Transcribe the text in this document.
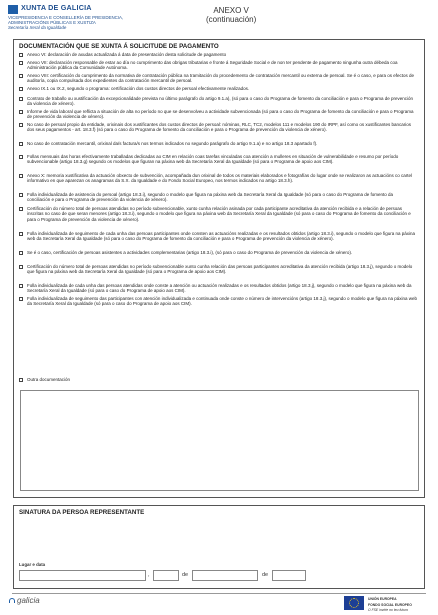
XUNTA DE GALICIA
VICEPRESIDENCIA E CONSELLERÍA DE PRESIDENCIA,
ADMINISTRACIÓNS PÚBLICAS E XUSTIZA
Secretaría Xeral da Igualdade
ANEXO V
(continuación)
DOCUMENTACIÓN QUE SE XUNTA Á SOLICITUDE DE PAGAMENTO
Anexo VI: declaración de axudas actualizada á data de presentación desta solicitude de pagamento
Anexo VII: declaración responsable de estar ao día no cumprimento das obrigas tributarias e fronte á Seguridade Social e de non ter pendente de pagamento ningunha outra débeda coa Administración pública da Comunidade Autónoma.
Anexo VIII: certificación do cumprimento da normativa de contratación pública na tramitación do procedemento de contratación mercantil ou externa de persoal. Se é o caso, e para os efectos de auditoría, copia compulsada dos expedientes da contratación mercantil de persoal.
Anexo IX.1 ou IX.2, segundo o programa: certificación dos custos directos de persoal efectivamente realizados.
Contrato de traballo ou xustificación da excepcionalidade prevista no último parágrafo do artigo 9.1.a), (só para o caso do Programa de fomento da conciliación e para o Programa de prevención da violencia de xénero).
Informe de vida laboral que reflicta a situación de alta no período no que se desenvolveu a actividade subvencionada (só para o caso do Programa de fomento da conciliación e para o Programa de prevención da violencia de xénero).
No caso de persoal propio da entidade, orixinais dos xustificantes dos custos directos de persoal: nóminas, RLC, TC2, modelos 111 e modelos 190 do IRPF, así como os xustificantes bancarios dos seus pagamentos - art. 18.3.f) (só para o caso do Programa de fomento da conciliación e para o Programa de prevención da violencia de xénero).
No caso de contratación mercantil, orixinal da/s factura/s nos termos indicados no segundo parágrafo do artigo 9.1.a) e no artigo 18.3 apartado f).
Follas mensuais das horas efectivamente traballadas dedicadas ao CIM en relación coas tarefas vinculadas coa atención a mulleres en situación de vulnerabilidade e resumo por período subvencionable (artigo 18.3.g) segundo os modelos que figuran na páxina web da Secretaría Xeral da Igualdade (só para o Programa de apoio aos CIM).
Anexo X: memoria xustificativa da actuación obxecto de subvención, acompañada dun orixinal de todos os materiais elaborados e fotografías do lugar onde se realizaron as actuacións co cartel informativo en que aparezan os anagramas da S.X. da Igualdade e do Fondo Social Europeo, nos termos indicados no artigo 18.3.h).
Folla individualizada de asistencia do persoal (artigo 18.3.i), segundo o modelo que figura na páxina web da Secretaría Xeral da Igualdade (só para o caso do Programa de fomento da conciliación e para o Programa de prevención da violencia de xénero).
Certificación do número total de persoas atendidas no período subvencionable, xunto cunha relación asinada por cada participante acreditativa da atención recibida e a relación de persoas inscritas no caso de que seran menores (artigo 18.3.i), segundo o modelo que figura na páxina web da Secretaría Xeral da Igualdade (só para o caso do Programa de fomento da conciliación e para o Programa de prevención da violencia de xénero).
Folla individualizada de seguimento de cada unha das persoas participantes onde consten as actuacións realizadas e os resultados obtidos (artigo 18.3.i), segundo o modelo que figura na páxina web da Secretaría Xeral da Igualdade (só para o caso do Programa de fomento da conciliación e para o Programa de prevención da violencia de xénero).
Se é o caso, certificación de persoas asistentes a actividades complementarias (artigo 18.3.i), (só para o caso do Programa de prevención da violencia de xénero).
Certificación do número total de persoas atendidas no período subvencionable xunto cunha relación das persoas participantes acreditativa da atención recibida (artigo 18.3.j), segundo o modelo que figura na páxina web da Secretaría Xeral da Igualdade (só para o Programa de apoio aos CIM).
Folla individualizada de cada unha das persoas atendidas onde conste a atención ou actuación realizadas e os resultados obtidos (artigo 18.3.j), segundo o modelo que figura na páxina web da Secretaría Xeral da Igualdade (só para o caso do Programa de apoio aos CIM).
Folla individualizada de seguimento das participantes con atención individualizada e continuada onde conste o número de intervencións (artigo 18.3.j), segundo o modelo que figura na páxina web da Secretaría Xeral da Igualdade (só para o caso do Programa de apoio aos CIM).
Outra documentación
SINATURA DA PERSOA REPRESENTANTE
Lugar e data
,	de	de
galicia	UNIÓN EUROPEA
FONDO SOCIAL EUROPEO
O FSE invirte no teu futuro
